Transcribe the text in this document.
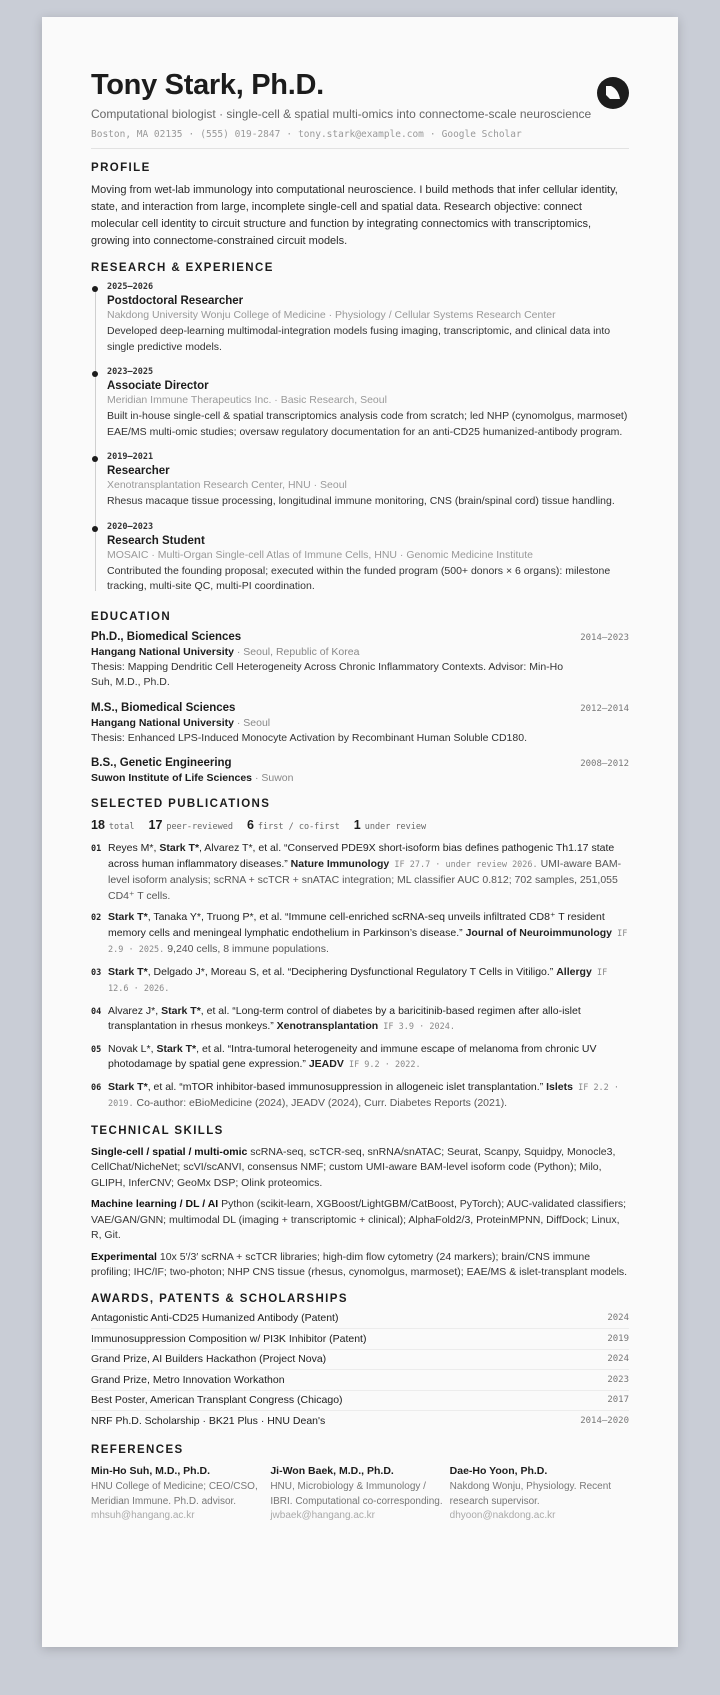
Tony Stark, Ph.D.
Computational biologist · single-cell & spatial multi-omics into connectome-scale neuroscience
Boston, MA 02135 · (555) 019-2847 · tony.stark@example.com · Google Scholar
PROFILE
Moving from wet-lab immunology into computational neuroscience. I build methods that infer cellular identity, state, and interaction from large, incomplete single-cell and spatial data. Research objective: connect molecular cell identity to circuit structure and function by integrating connectomics with transcriptomics, growing into connectome-constrained circuit models.
RESEARCH & EXPERIENCE
2025–2026
Postdoctoral Researcher
Nakdong University Wonju College of Medicine · Physiology / Cellular Systems Research Center
Developed deep-learning multimodal-integration models fusing imaging, transcriptomic, and clinical data into single predictive models.
2023–2025
Associate Director
Meridian Immune Therapeutics Inc. · Basic Research, Seoul
Built in-house single-cell & spatial transcriptomics analysis code from scratch; led NHP (cynomolgus, marmoset) EAE/MS multi-omic studies; oversaw regulatory documentation for an anti-CD25 humanized-antibody program.
2019–2021
Researcher
Xenotransplantation Research Center, HNU · Seoul
Rhesus macaque tissue processing, longitudinal immune monitoring, CNS (brain/spinal cord) tissue handling.
2020–2023
Research Student
MOSAIC · Multi-Organ Single-cell Atlas of Immune Cells, HNU · Genomic Medicine Institute
Contributed the founding proposal; executed within the funded program (500+ donors × 6 organs): milestone tracking, multi-site QC, multi-PI coordination.
EDUCATION
Ph.D., Biomedical Sciences	2014–2023
Hangang National University · Seoul, Republic of Korea
Thesis: Mapping Dendritic Cell Heterogeneity Across Chronic Inflammatory Contexts. Advisor: Min-Ho Suh, M.D., Ph.D.
M.S., Biomedical Sciences	2012–2014
Hangang National University · Seoul
Thesis: Enhanced LPS-Induced Monocyte Activation by Recombinant Human Soluble CD180.
B.S., Genetic Engineering	2008–2012
Suwon Institute of Life Sciences · Suwon
SELECTED PUBLICATIONS
18 total 17 peer-reviewed 6 first / co-first 1 under review
01 Reyes M*, Stark T*, Alvarez T*, et al. “Conserved PDE9X short-isoform bias defines pathogenic Th1.17 state across human inflammatory diseases.” Nature Immunology IF 27.7 · under review 2026. UMI-aware BAM-level isoform analysis; scRNA + scTCR + snATAC integration; ML classifier AUC 0.812; 702 samples, 251,055 CD4⁺ T cells.
02 Stark T*, Tanaka Y*, Truong P*, et al. “Immune cell-enriched scRNA-seq unveils infiltrated CD8⁺ T resident memory cells and meningeal lymphatic endothelium in Parkinson’s disease.” Journal of Neuroimmunology IF 2.9 · 2025. 9,240 cells, 8 immune populations.
03 Stark T*, Delgado J*, Moreau S, et al. “Deciphering Dysfunctional Regulatory T Cells in Vitiligo.” Allergy IF 12.6 · 2026.
04 Alvarez J*, Stark T*, et al. “Long-term control of diabetes by a baricitinib-based regimen after allo-islet transplantation in rhesus monkeys.” Xenotransplantation IF 3.9 · 2024.
05 Novak L*, Stark T*, et al. “Intra-tumoral heterogeneity and immune escape of melanoma from chronic UV photodamage by spatial gene expression.” JEADV IF 9.2 · 2022.
06 Stark T*, et al. “mTOR inhibitor-based immunosuppression in allogeneic islet transplantation.” Islets IF 2.2 · 2019. Co-author: eBioMedicine (2024), JEADV (2024), Curr. Diabetes Reports (2021).
TECHNICAL SKILLS
Single-cell / spatial / multi-omic scRNA-seq, scTCR-seq, snRNA/snATAC; Seurat, Scanpy, Squidpy, Monocle3, CellChat/NicheNet; scVI/scANVI, consensus NMF; custom UMI-aware BAM-level isoform code (Python); Milo, GLIPH, InferCNV; GeoMx DSP; Olink proteomics.
Machine learning / DL / AI Python (scikit-learn, XGBoost/LightGBM/CatBoost, PyTorch); AUC-validated classifiers; VAE/GAN/GNN; multimodal DL (imaging + transcriptomic + clinical); AlphaFold2/3, ProteinMPNN, DiffDock; Linux, R, Git.
Experimental 10x 5′/3′ scRNA + scTCR libraries; high-dim flow cytometry (24 markers); brain/CNS immune profiling; IHC/IF; two-photon; NHP CNS tissue (rhesus, cynomolgus, marmoset); EAE/MS & islet-transplant models.
AWARDS, PATENTS & SCHOLARSHIPS
Antagonistic Anti-CD25 Humanized Antibody (Patent)	2024
Immunosuppression Composition w/ PI3K Inhibitor (Patent)	2019
Grand Prize, AI Builders Hackathon (Project Nova)	2024
Grand Prize, Metro Innovation Workathon	2023
Best Poster, American Transplant Congress (Chicago)	2017
NRF Ph.D. Scholarship · BK21 Plus · HNU Dean's	2014–2020
REFERENCES
Min-Ho Suh, M.D., Ph.D.
HNU College of Medicine; CEO/CSO, Meridian Immune. Ph.D. advisor.
mhsuh@hangang.ac.kr
Ji-Won Baek, M.D., Ph.D.
HNU, Microbiology & Immunology / IBRI. Computational co-corresponding.
jwbaek@hangang.ac.kr
Dae-Ho Yoon, Ph.D.
Nakdong Wonju, Physiology. Recent research supervisor.
dhyoon@nakdong.ac.kr
